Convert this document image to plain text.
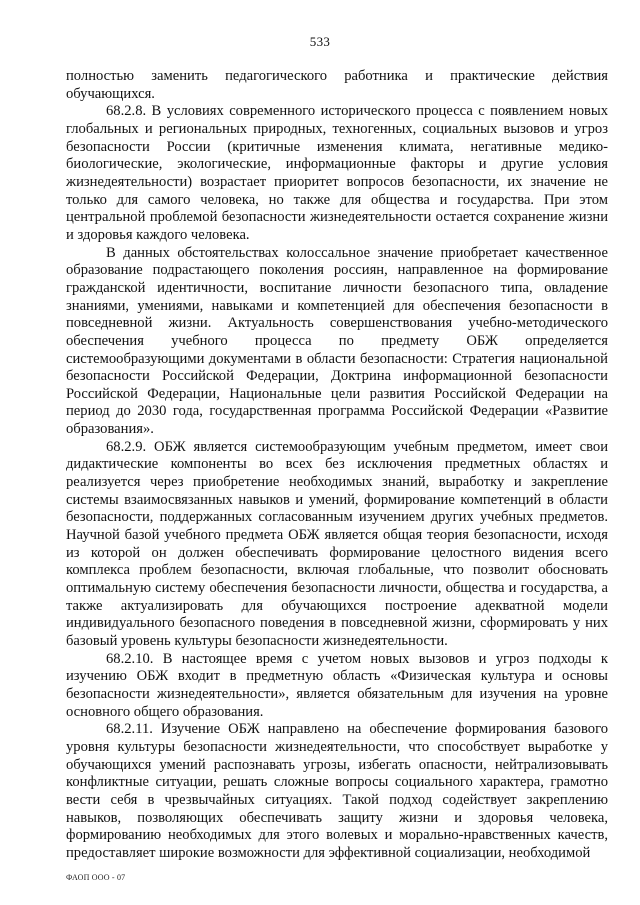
533

полностью заменить педагогического работника и практические действия обучающихся.

68.2.8. В условиях современного исторического процесса с появлением новых глобальных и региональных природных, техногенных, социальных вызовов и угроз безопасности России (критичные изменения климата, негативные медико-биологические, экологические, информационные факторы и другие условия жизнедеятельности) возрастает приоритет вопросов безопасности, их значение не только для самого человека, но также для общества и государства. При этом центральной проблемой безопасности жизнедеятельности остается сохранение жизни и здоровья каждого человека.

В данных обстоятельствах колоссальное значение приобретает качественное образование подрастающего поколения россиян, направленное на формирование гражданской идентичности, воспитание личности безопасного типа, овладение знаниями, умениями, навыками и компетенцией для обеспечения безопасности в повседневной жизни. Актуальность совершенствования учебно-методического обеспечения учебного процесса по предмету ОБЖ определяется системообразующими документами в области безопасности: Стратегия национальной безопасности Российской Федерации, Доктрина информационной безопасности Российской Федерации, Национальные цели развития Российской Федерации на период до 2030 года, государственная программа Российской Федерации «Развитие образования».

68.2.9. ОБЖ является системообразующим учебным предметом, имеет свои дидактические компоненты во всех без исключения предметных областях и реализуется через приобретение необходимых знаний, выработку и закрепление системы взаимосвязанных навыков и умений, формирование компетенций в области безопасности, поддержанных согласованным изучением других учебных предметов. Научной базой учебного предмета ОБЖ является общая теория безопасности, исходя из которой он должен обеспечивать формирование целостного видения всего комплекса проблем безопасности, включая глобальные, что позволит обосновать оптимальную систему обеспечения безопасности личности, общества и государства, а также актуализировать для обучающихся построение адекватной модели индивидуального безопасного поведения в повседневной жизни, сформировать у них базовый уровень культуры безопасности жизнедеятельности.

68.2.10. В настоящее время с учетом новых вызовов и угроз подходы к изучению ОБЖ входит в предметную область «Физическая культура и основы безопасности жизнедеятельности», является обязательным для изучения на уровне основного общего образования.

68.2.11. Изучение ОБЖ направлено на обеспечение формирования базового уровня культуры безопасности жизнедеятельности, что способствует выработке у обучающихся умений распознавать угрозы, избегать опасности, нейтрализовывать конфликтные ситуации, решать сложные вопросы социального характера, грамотно вести себя в чрезвычайных ситуациях. Такой подход содействует закреплению навыков, позволяющих обеспечивать защиту жизни и здоровья человека, формированию необходимых для этого волевых и морально-нравственных качеств, предоставляет широкие возможности для эффективной социализации, необходимой

ФАОП ООО - 07
